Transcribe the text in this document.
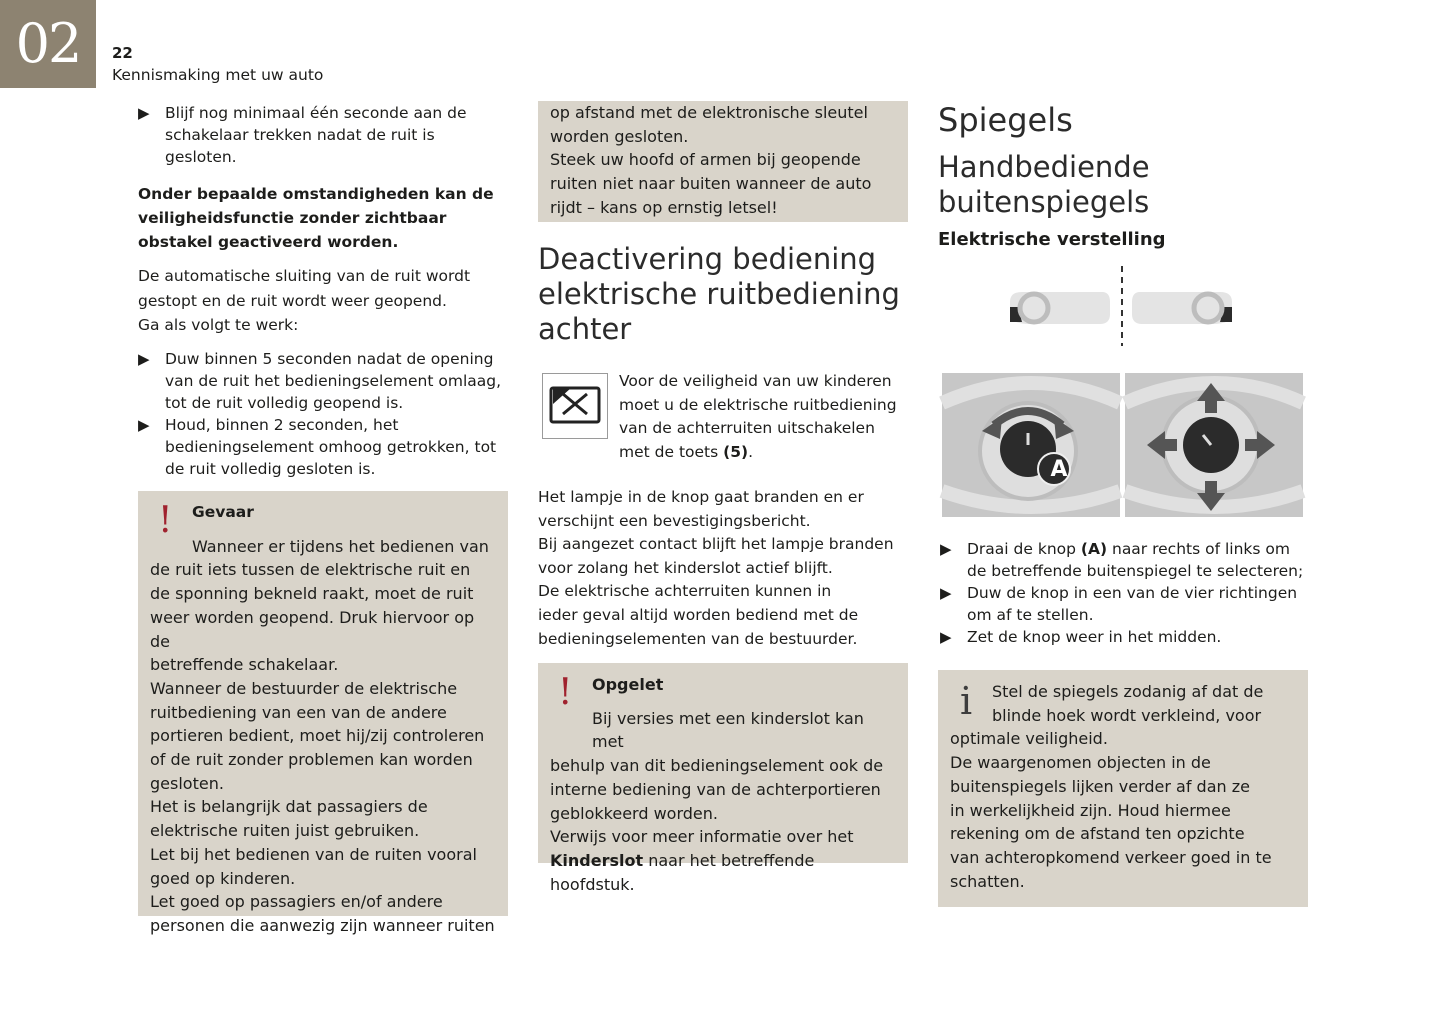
02	22
Kennismaking met uw auto

▶ Blijf nog minimaal één seconde aan de schakelaar trekken nadat de ruit is gesloten.

Onder bepaalde omstandigheden kan de veiligheidsfunctie zonder zichtbaar obstakel geactiveerd worden.

De automatische sluiting van de ruit wordt
gestopt en de ruit wordt weer geopend.
Ga als volgt te werk:

▶ Duw binnen 5 seconden nadat de opening van de ruit het bedieningselement omlaag, tot de ruit volledig geopend is.

▶ Houd, binnen 2 seconden, het bedieningselement omhoog getrokken, tot de ruit volledig gesloten is.

!	Gevaar

Wanneer er tijdens het bedienen van

de ruit iets tussen de elektrische ruit en
de sponning bekneld raakt, moet de ruit
weer worden geopend. Druk hiervoor op de
betreffende schakelaar.
Wanneer de bestuurder de elektrische
ruitbediening van een van de andere
portieren bedient, moet hij/zij controleren
of de ruit zonder problemen kan worden
gesloten.
Het is belangrijk dat passagiers de
elektrische ruiten juist gebruiken.
Let bij het bedienen van de ruiten vooral
goed op kinderen.
Let goed op passagiers en/of andere
personen die aanwezig zijn wanneer ruiten
op afstand met de elektronische sleutel
worden gesloten.
Steek uw hoofd of armen bij geopende
ruiten niet naar buiten wanneer de auto
rijdt – kans op ernstig letsel!
Deactivering bediening
elektrische ruitbediening
achter
Voor de veiligheid van uw kinderen
moet u de elektrische ruitbediening
van de achterruiten uitschakelen
met de toets (5).
Het lampje in de knop gaat branden en er
verschijnt een bevestigingsbericht.
Bij aangezet contact blijft het lampje branden
voor zolang het kinderslot actief blijft.
De elektrische achterruiten kunnen in
ieder geval altijd worden bediend met de
bedieningselementen van de bestuurder.
!	Opgelet

Bij versies met een kinderslot kan met

behulp van dit bedieningselement ook de
interne bediening van de achterportieren
geblokkeerd worden.
Verwijs voor meer informatie over het
Kinderslot naar het betreffende hoofdstuk.
Spiegels
Handbediende
buitenspiegels
Elektrische verstelling
A

▶ Draai de knop (A) naar rechts of links om de betreffende buitenspiegel te selecteren;

▶ Duw de knop in een van de vier richtingen om af te stellen.

▶ Zet de knop weer in het midden.

i	Stel de spiegels zodanig af dat de
blinde hoek wordt verkleind, voor
optimale veiligheid.
De waargenomen objecten in de
buitenspiegels lijken verder af dan ze
in werkelijkheid zijn. Houd hiermee
rekening om de afstand ten opzichte
van achteropkomend verkeer goed in te
schatten.
